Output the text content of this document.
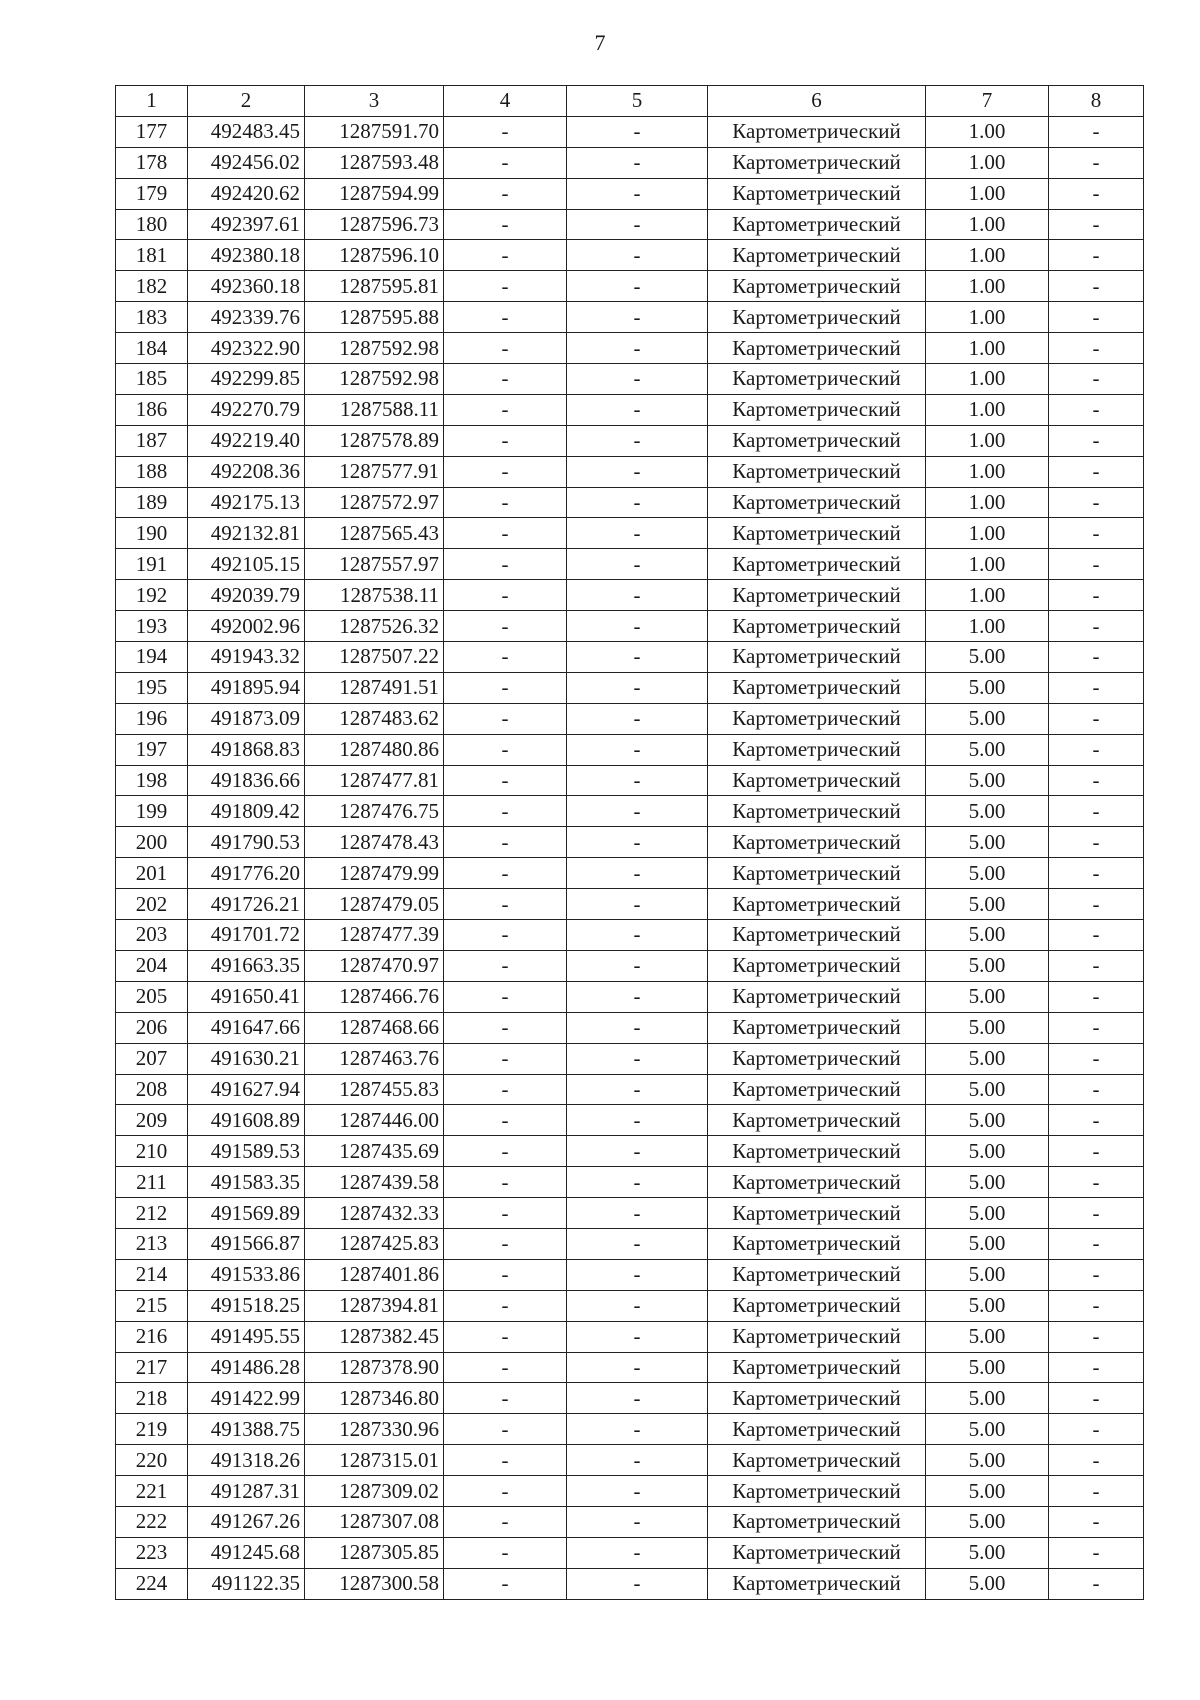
7
1	2	3	4	5	6	7	8
177	492483.45	1287591.70	-	-	Картометрический	1.00	-
178	492456.02	1287593.48	-	-	Картометрический	1.00	-
179	492420.62	1287594.99	-	-	Картометрический	1.00	-
180	492397.61	1287596.73	-	-	Картометрический	1.00	-
181	492380.18	1287596.10	-	-	Картометрический	1.00	-
182	492360.18	1287595.81	-	-	Картометрический	1.00	-
183	492339.76	1287595.88	-	-	Картометрический	1.00	-
184	492322.90	1287592.98	-	-	Картометрический	1.00	-
185	492299.85	1287592.98	-	-	Картометрический	1.00	-
186	492270.79	1287588.11	-	-	Картометрический	1.00	-
187	492219.40	1287578.89	-	-	Картометрический	1.00	-
188	492208.36	1287577.91	-	-	Картометрический	1.00	-
189	492175.13	1287572.97	-	-	Картометрический	1.00	-
190	492132.81	1287565.43	-	-	Картометрический	1.00	-
191	492105.15	1287557.97	-	-	Картометрический	1.00	-
192	492039.79	1287538.11	-	-	Картометрический	1.00	-
193	492002.96	1287526.32	-	-	Картометрический	1.00	-
194	491943.32	1287507.22	-	-	Картометрический	5.00	-
195	491895.94	1287491.51	-	-	Картометрический	5.00	-
196	491873.09	1287483.62	-	-	Картометрический	5.00	-
197	491868.83	1287480.86	-	-	Картометрический	5.00	-
198	491836.66	1287477.81	-	-	Картометрический	5.00	-
199	491809.42	1287476.75	-	-	Картометрический	5.00	-
200	491790.53	1287478.43	-	-	Картометрический	5.00	-
201	491776.20	1287479.99	-	-	Картометрический	5.00	-
202	491726.21	1287479.05	-	-	Картометрический	5.00	-
203	491701.72	1287477.39	-	-	Картометрический	5.00	-
204	491663.35	1287470.97	-	-	Картометрический	5.00	-
205	491650.41	1287466.76	-	-	Картометрический	5.00	-
206	491647.66	1287468.66	-	-	Картометрический	5.00	-
207	491630.21	1287463.76	-	-	Картометрический	5.00	-
208	491627.94	1287455.83	-	-	Картометрический	5.00	-
209	491608.89	1287446.00	-	-	Картометрический	5.00	-
210	491589.53	1287435.69	-	-	Картометрический	5.00	-
211	491583.35	1287439.58	-	-	Картометрический	5.00	-
212	491569.89	1287432.33	-	-	Картометрический	5.00	-
213	491566.87	1287425.83	-	-	Картометрический	5.00	-
214	491533.86	1287401.86	-	-	Картометрический	5.00	-
215	491518.25	1287394.81	-	-	Картометрический	5.00	-
216	491495.55	1287382.45	-	-	Картометрический	5.00	-
217	491486.28	1287378.90	-	-	Картометрический	5.00	-
218	491422.99	1287346.80	-	-	Картометрический	5.00	-
219	491388.75	1287330.96	-	-	Картометрический	5.00	-
220	491318.26	1287315.01	-	-	Картометрический	5.00	-
221	491287.31	1287309.02	-	-	Картометрический	5.00	-
222	491267.26	1287307.08	-	-	Картометрический	5.00	-
223	491245.68	1287305.85	-	-	Картометрический	5.00	-
224	491122.35	1287300.58	-	-	Картометрический	5.00	-
